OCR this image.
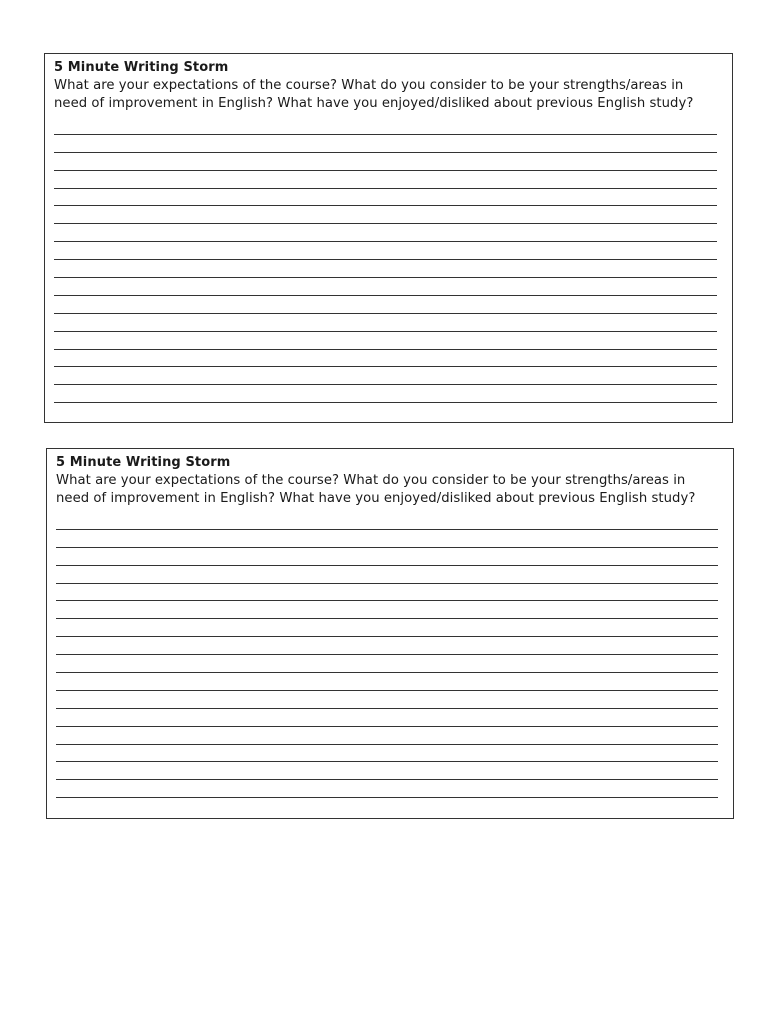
5 Minute Writing Storm
What are your expectations of the course? What do you consider to be your strengths/areas in
need of improvement in English? What have you enjoyed/disliked about previous English study?
5 Minute Writing Storm
What are your expectations of the course? What do you consider to be your strengths/areas in
need of improvement in English? What have you enjoyed/disliked about previous English study?
